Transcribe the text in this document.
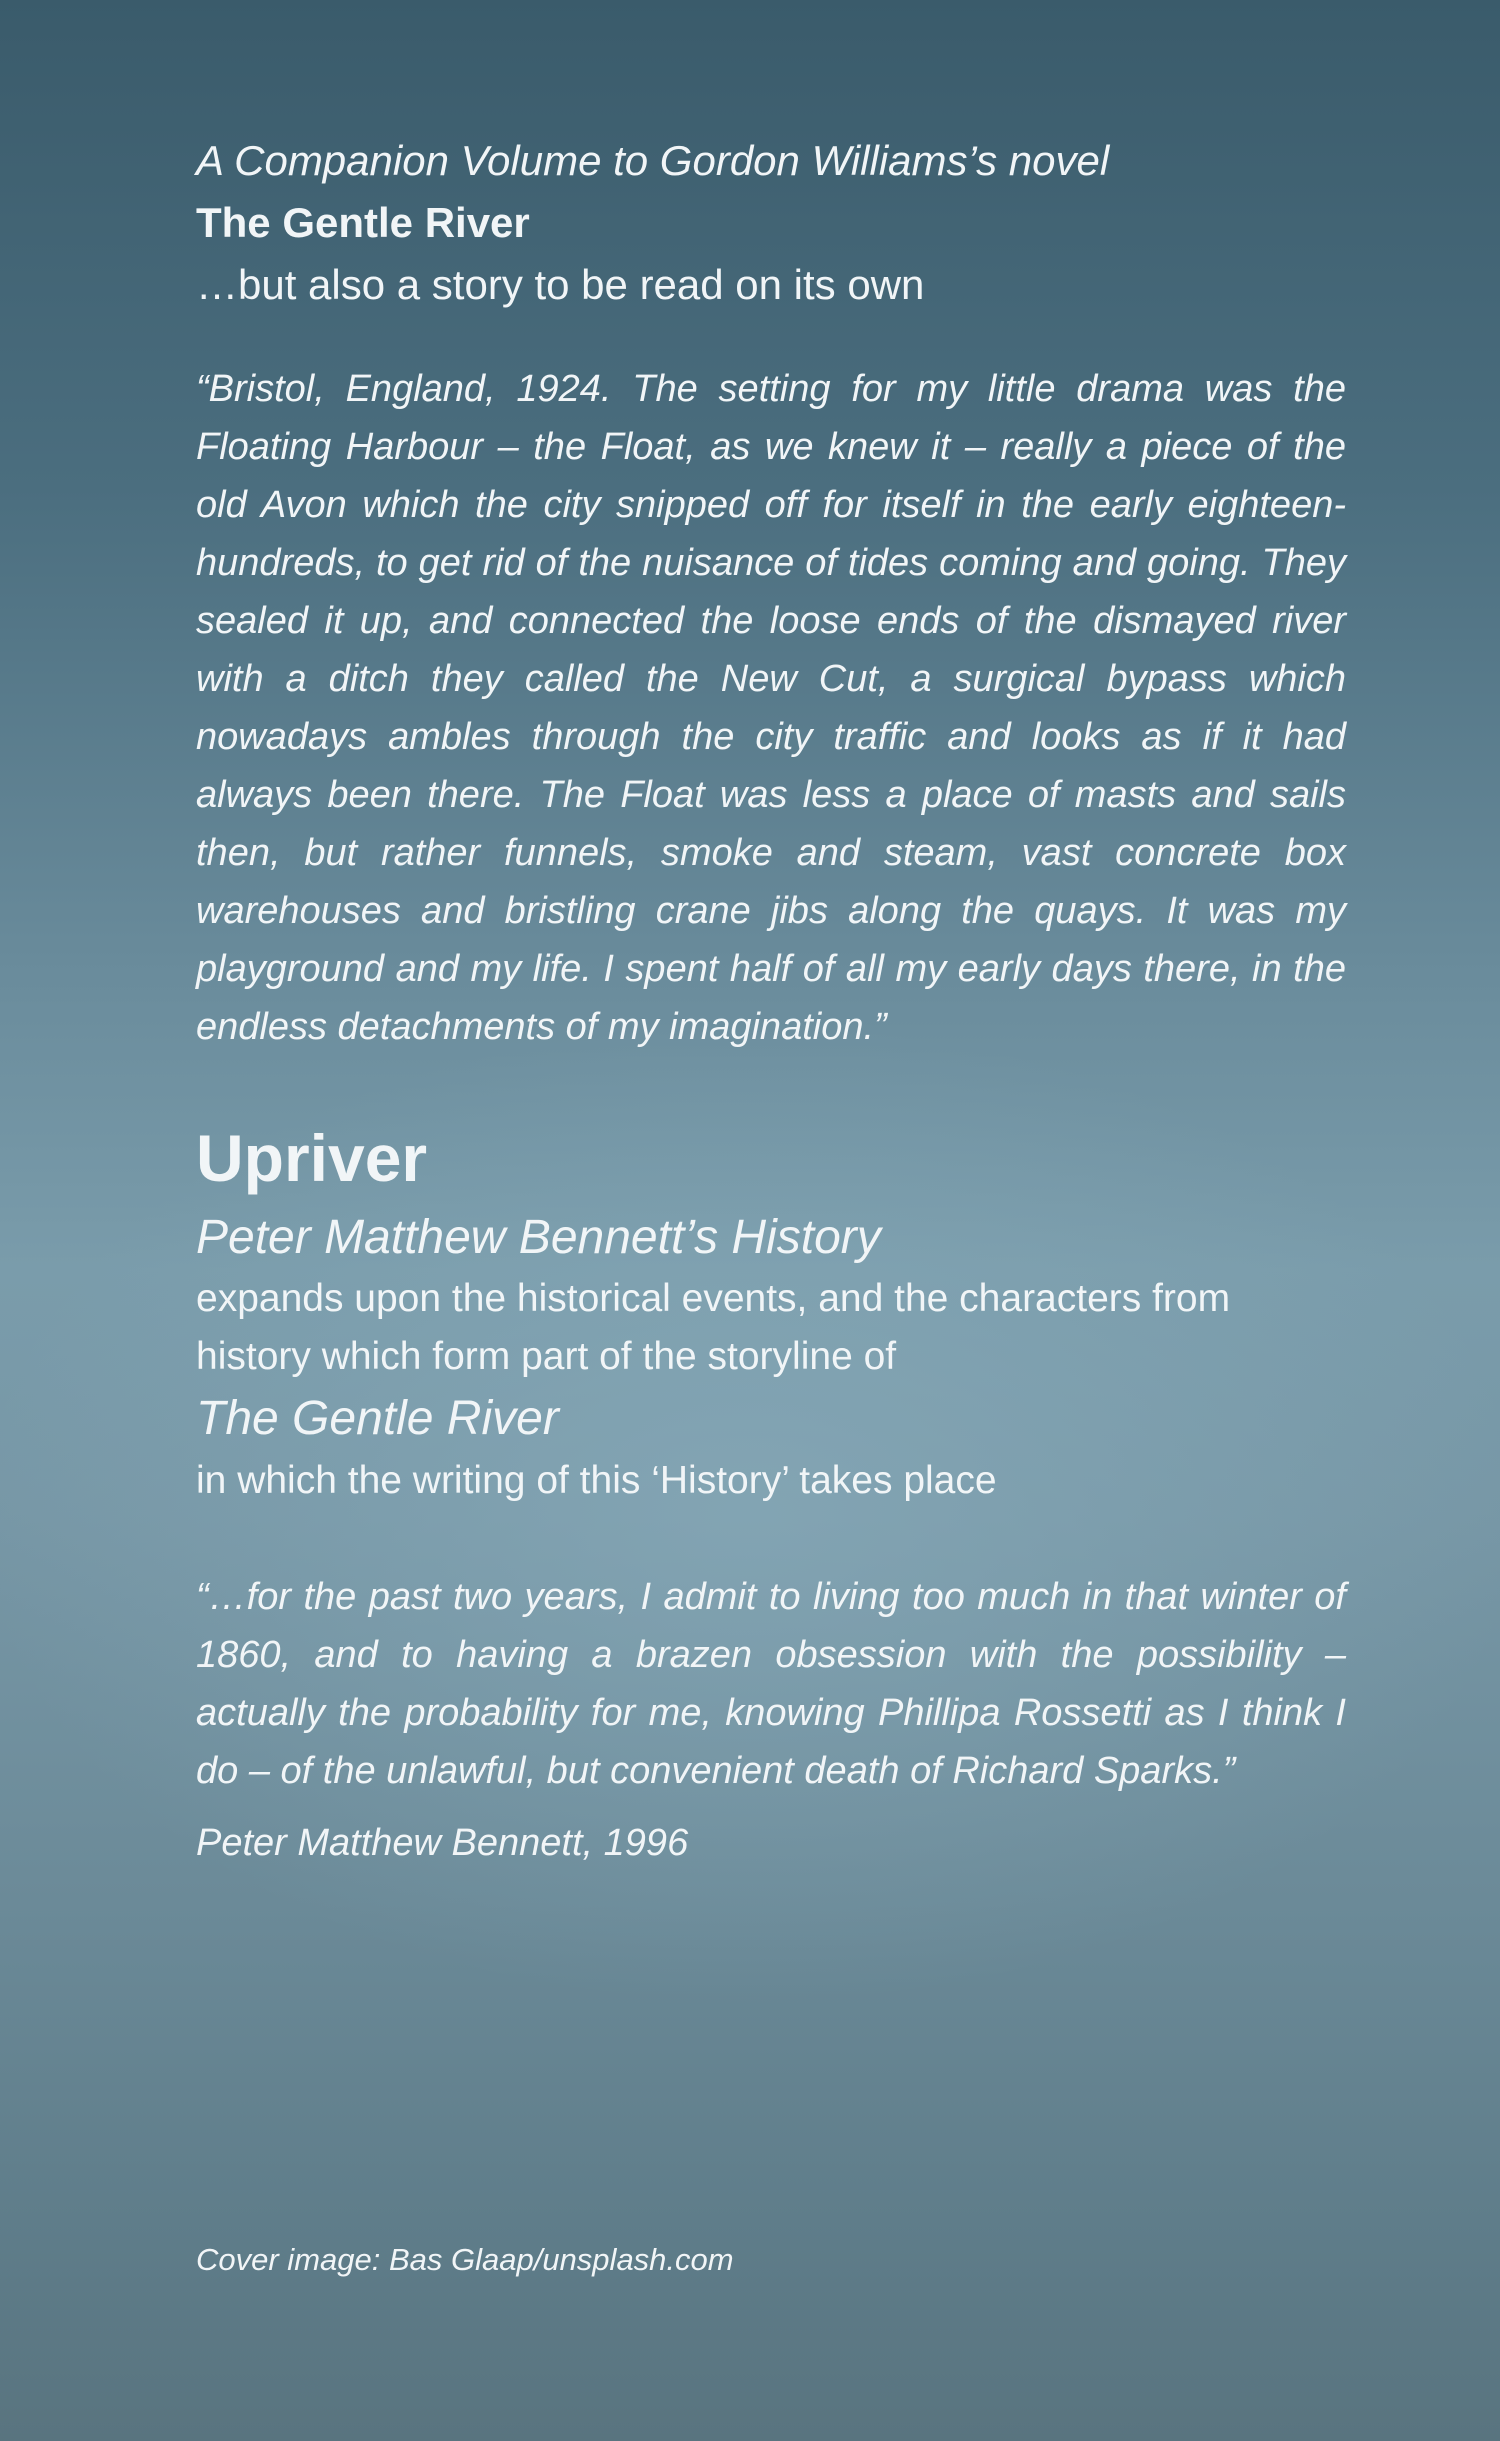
A Companion Volume to Gordon Williams’s novel

The Gentle River

…but also a story to be read on its own

“Bristol, England, 1924. The setting for my little drama was the Floating Harbour – the Float, as we knew it – really a piece of the old Avon which the city snipped off for itself in the early eighteen-hundreds, to get rid of the nuisance of tides coming and going. They sealed it up, and connected the loose ends of the dismayed river with a ditch they called the New Cut, a surgical bypass which nowadays ambles through the city traffic and looks as if it had always been there. The Float was less a place of masts and sails then, but rather funnels, smoke and steam, vast concrete box warehouses and bristling crane jibs along the quays. It was my playground and my life. I spent half of all my early days there, in the endless detachments of my imagination.”

Upriver

Peter Matthew Bennett’s History

expands upon the historical events, and the characters from history which form part of the storyline of

The Gentle River

in which the writing of this ‘History’ takes place

“…for the past two years, I admit to living too much in that winter of 1860, and to having a brazen obsession with the possibility – actually the probability for me, knowing Phillipa Rossetti as I think I do – of the unlawful, but convenient death of Richard Sparks.”

Peter Matthew Bennett, 1996

Cover image: Bas Glaap/unsplash.com
